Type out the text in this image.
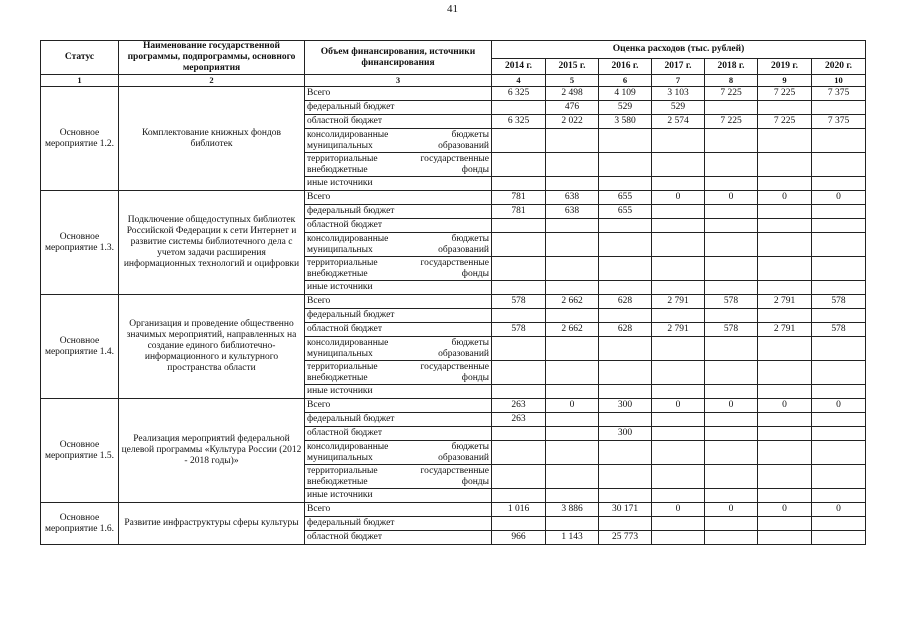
41
Статус	Наименование государственной программы, подпрограммы, основного мероприятия	Объем финансирования, источники финансирования	Оценка расходов (тыс. рублей)						
			2014 г.	2015 г.	2016 г.	2017 г.	2018 г.	2019 г.	2020 г.
1	2	3	4	5	6	7	8	9	10
Основное мероприятие 1.2.	Комплектование книжных фондов библиотек	Всего	6 325	2 498	4 109	3 103	7 225	7 225	7 375
		федеральный бюджет		476	529	529			
		областной бюджет	6 325	2 022	3 580	2 574	7 225	7 225	7 375
		консолидированные бюджеты муниципальных образований							
		территориальные государственные внебюджетные фонды							
		иные источники							
Основное мероприятие 1.3.	Подключение общедоступных библиотек Российской Федерации к сети Интернет и развитие системы библиотечного дела с учетом задачи расширения информационных технологий и оцифровки	Всего	781	638	655	0	0	0	0
		федеральный бюджет	781	638	655				
		областной бюджет							
		консолидированные бюджеты муниципальных образований							
		территориальные государственные внебюджетные фонды							
		иные источники							
Основное мероприятие 1.4.	Организация и проведение общественно значимых мероприятий, направленных на создание единого библиотечно-информационного и культурного пространства области	Всего	578	2 662	628	2 791	578	2 791	578
		федеральный бюджет							
		областной бюджет	578	2 662	628	2 791	578	2 791	578
		консолидированные бюджеты муниципальных образований							
		территориальные государственные внебюджетные фонды							
		иные источники							
Основное мероприятие 1.5.	Реализация мероприятий федеральной целевой программы «Культура России (2012 - 2018 годы)»	Всего	263	0	300	0	0	0	0
		федеральный бюджет	263						
		областной бюджет			300				
		консолидированные бюджеты муниципальных образований							
		территориальные государственные внебюджетные фонды							
		иные источники							
Основное мероприятие 1.6.	Развитие инфраструктуры сферы культуры	Всего	1 016	3 886	30 171	0	0	0	0
		федеральный бюджет							
		областной бюджет	966	1 143	25 773				
